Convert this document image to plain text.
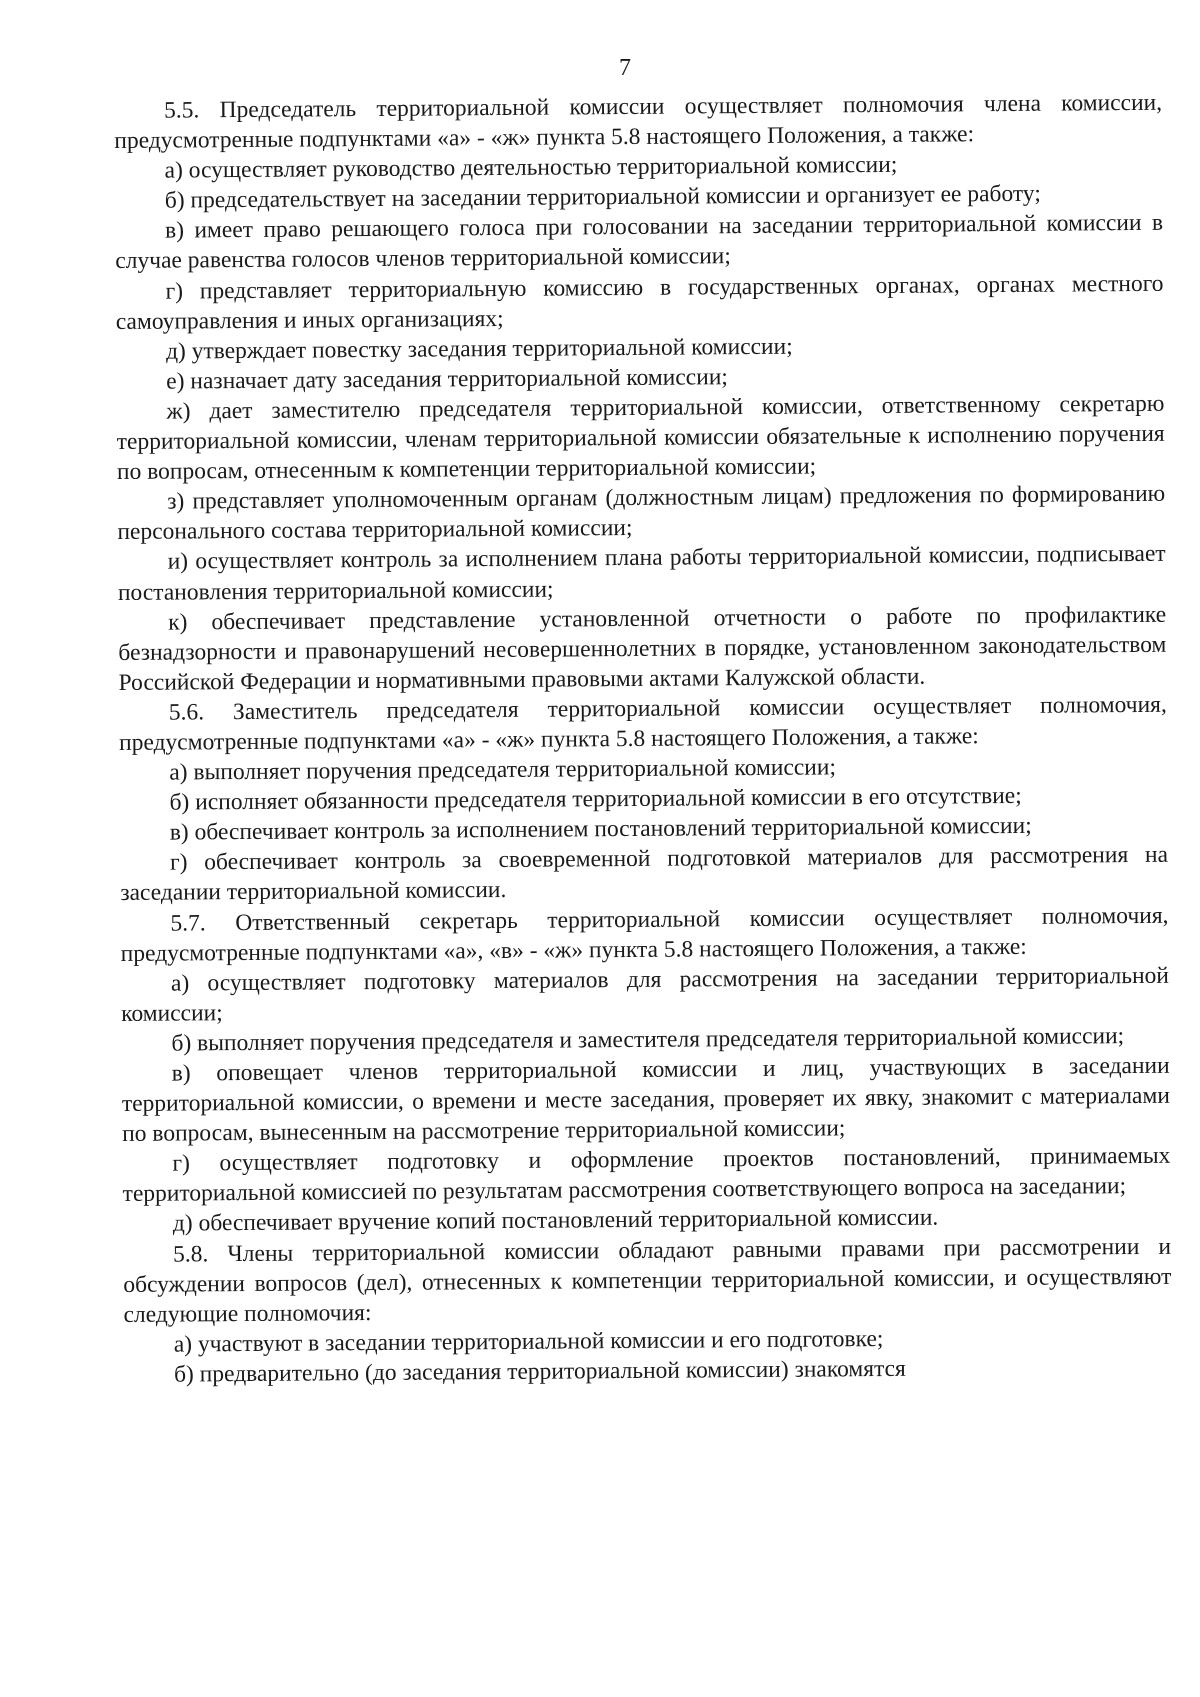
7

5.5. Председатель территориальной комиссии осуществляет полномочия члена комиссии, предусмотренные подпунктами «а» - «ж» пункта 5.8 настоящего Положения, а также:

а) осуществляет руководство деятельностью территориальной комиссии;

б) председательствует на заседании территориальной комиссии и организует ее работу;

в) имеет право решающего голоса при голосовании на заседании территориальной комиссии в случае равенства голосов членов территориальной комиссии;

г) представляет территориальную комиссию в государственных органах, органах местного самоуправления и иных организациях;

д) утверждает повестку заседания территориальной комиссии;

е) назначает дату заседания территориальной комиссии;

ж) дает заместителю председателя территориальной комиссии, ответственному секретарю территориальной комиссии, членам территориальной комиссии обязательные к исполнению поручения по вопросам, отнесенным к компетенции территориальной комиссии;

з) представляет уполномоченным органам (должностным лицам) предложения по формированию персонального состава территориальной комиссии;

и) осуществляет контроль за исполнением плана работы территориальной комиссии, подписывает постановления территориальной комиссии;

к) обеспечивает представление установленной отчетности о работе по профилактике безнадзорности и правонарушений несовершеннолетних в порядке, установленном законодательством Российской Федерации и нормативными правовыми актами Калужской области.

5.6. Заместитель председателя территориальной комиссии осуществляет полномочия, предусмотренные подпунктами «а» - «ж» пункта 5.8 настоящего Положения, а также:

а) выполняет поручения председателя территориальной комиссии;

б) исполняет обязанности председателя территориальной комиссии в его отсутствие;

в) обеспечивает контроль за исполнением постановлений территориальной комиссии;

г) обеспечивает контроль за своевременной подготовкой материалов для рассмотрения на заседании территориальной комиссии.

5.7. Ответственный секретарь территориальной комиссии осуществляет полномочия, предусмотренные подпунктами «а», «в» - «ж» пункта 5.8 настоящего Положения, а также:

а) осуществляет подготовку материалов для рассмотрения на заседании территориальной комиссии;

б) выполняет поручения председателя и заместителя председателя территориальной комиссии;

в) оповещает членов территориальной комиссии и лиц, участвующих в заседании территориальной комиссии, о времени и месте заседания, проверяет их явку, знакомит с материалами по вопросам, вынесенным на рассмотрение территориальной комиссии;

г) осуществляет подготовку и оформление проектов постановлений, принимаемых территориальной комиссией по результатам рассмотрения соответствующего вопроса на заседании;

д) обеспечивает вручение копий постановлений территориальной комиссии.

5.8. Члены территориальной комиссии обладают равными правами при рассмотрении и обсуждении вопросов (дел), отнесенных к компетенции территориальной комиссии, и осуществляют следующие полномочия:

а) участвуют в заседании территориальной комиссии и его подготовке;

б) предварительно (до заседания территориальной комиссии) знакомятся
